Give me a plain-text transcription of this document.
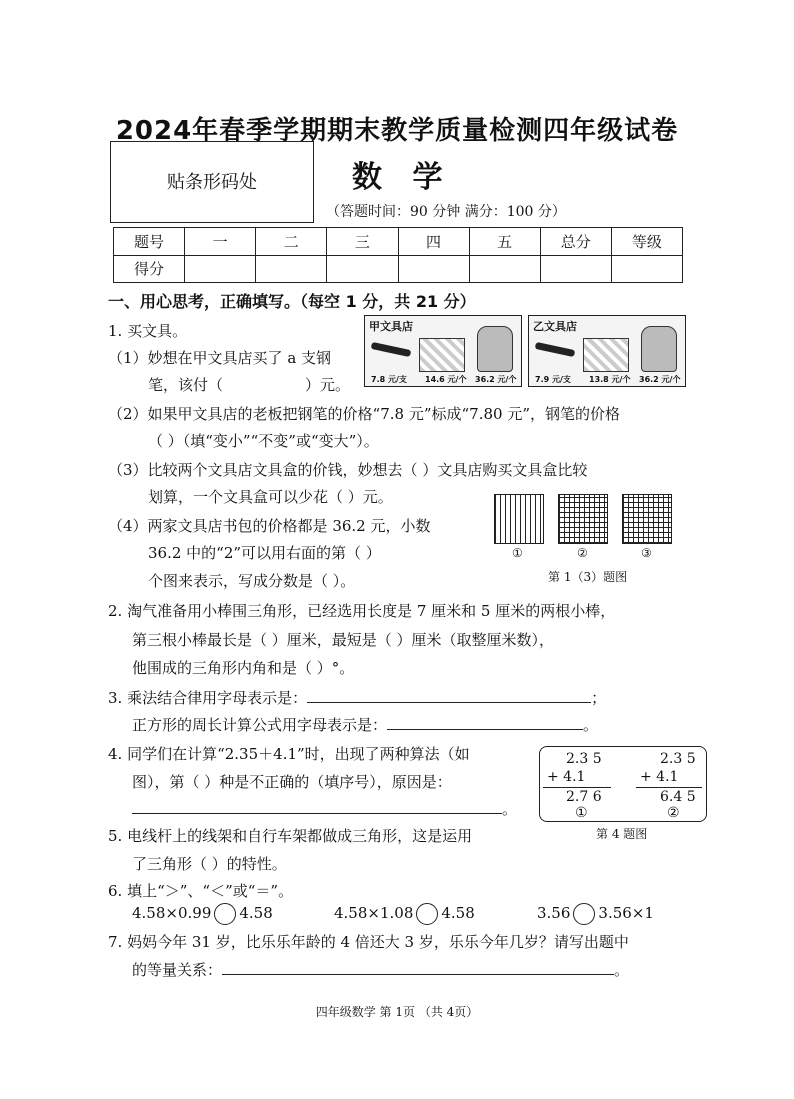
2024年春季学期期末教学质量检测四年级试卷
贴条形码处	数 学
（答题时间：90 分钟 满分：100 分）
题号	一	二	三	四	五	总分	等级
得分							
一、用心思考，正确填写。（每空 1 分，共 21 分）
甲文具店
7.8 元/支 14.6 元/个 36.2 元/个
乙文具店
7.9 元/支 13.8 元/个 36.2 元/个
1. 买文具。
（1）妙想在甲文具店买了 a 支钢
笔，该付（	）元。
（2）如果甲文具店的老板把钢笔的价格“7.8 元”标成“7.80 元”，钢笔的价格
（ ）（填“变小”“不变”或“变大”）。
（3）比较两个文具店文具盒的价钱，妙想去（ ）文具店购买文具盒比较
划算，一个文具盒可以少花（ ）元。
（4）两家文具店书包的价格都是 36.2 元，小数
36.2 中的“2”可以用右面的第（ ）
个图来表示，写成分数是（ ）。
①	②	③
第 1（3）题图
2. 淘气准备用小棒围三角形，已经选用长度是 7 厘米和 5 厘米的两根小棒，
第三根小棒最长是（ ）厘米，最短是（ ）厘米（取整厘米数），
他围成的三角形内角和是（ ）°。
3. 乘法结合律用字母表示是：	；
正方形的周长计算公式用字母表示是：	。
4. 同学们在计算“2.35＋4.1”时，出现了两种算法（如
图），第（ ）种是不正确的（填序号），原因是：
。
2.3 5
+ 4.1
2.7 6
①
2.3 5
+ 4.1
6.4 5
②
第 4 题图
5. 电线杆上的线架和自行车架都做成三角形，这是运用
了三角形（ ）的特性。
6. 填上“＞”、“＜”或“＝”。
4.58×0.99 4.58	4.58×1.08 4.58	3.56 3.56×1
7. 妈妈今年 31 岁，比乐乐年龄的 4 倍还大 3 岁，乐乐今年几岁？请写出题中
的等量关系：	。
四年级数学 第 1页 （共 4页）
